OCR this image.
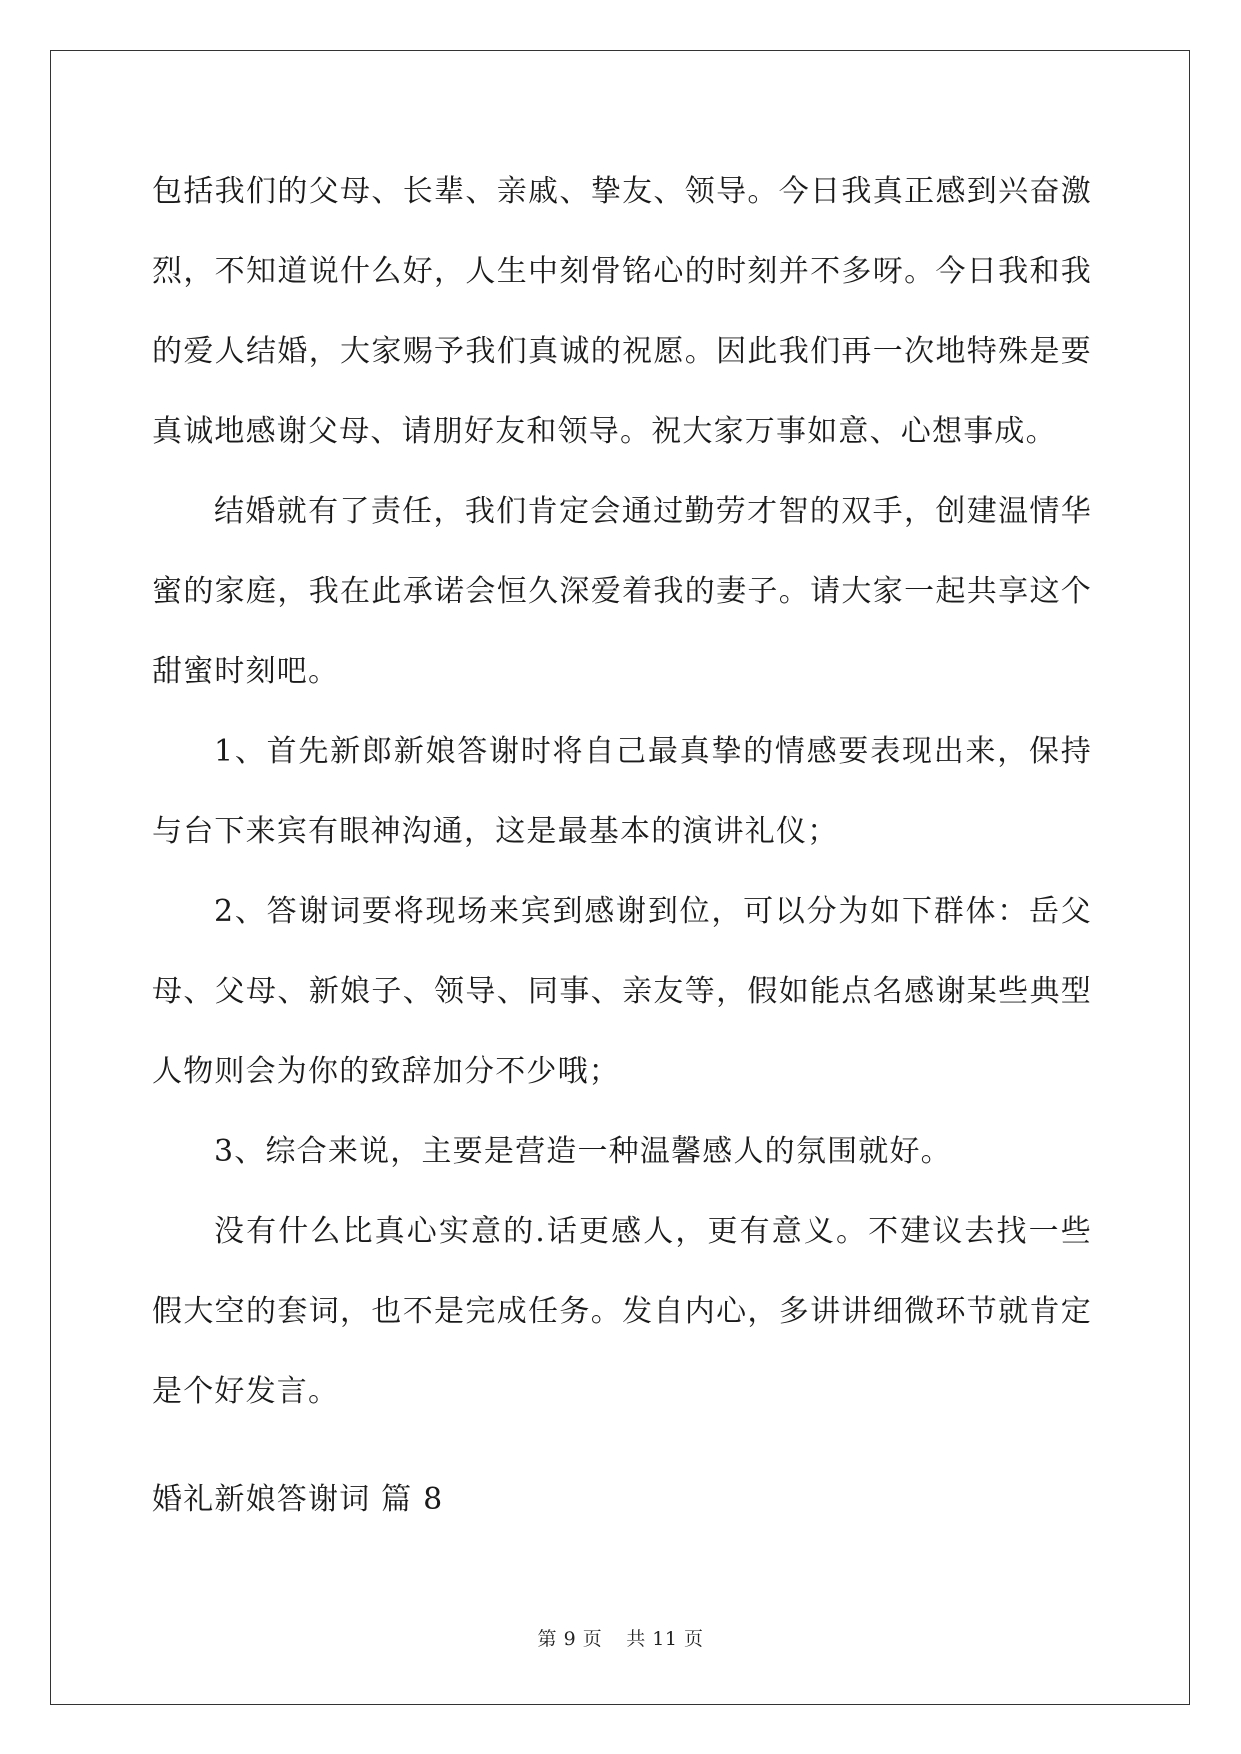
包括我们的父母、长辈、亲戚、挚友、领导。今日我真正感到兴奋激烈，不知道说什么好，人生中刻骨铭心的时刻并不多呀。今日我和我的爱人结婚，大家赐予我们真诚的祝愿。因此我们再一次地特殊是要真诚地感谢父母、请朋好友和领导。祝大家万事如意、心想事成。

结婚就有了责任，我们肯定会通过勤劳才智的双手，创建温情华蜜的家庭，我在此承诺会恒久深爱着我的妻子。请大家一起共享这个甜蜜时刻吧。

1、首先新郎新娘答谢时将自己最真挚的情感要表现出来，保持与台下来宾有眼神沟通，这是最基本的演讲礼仪；

2、答谢词要将现场来宾到感谢到位，可以分为如下群体：岳父母、父母、新娘子、领导、同事、亲友等，假如能点名感谢某些典型人物则会为你的致辞加分不少哦；

3、综合来说，主要是营造一种温馨感人的氛围就好。

没有什么比真心实意的.话更感人，更有意义。不建议去找一些假大空的套词，也不是完成任务。发自内心，多讲讲细微环节就肯定是个好发言。

婚礼新娘答谢词 篇 8

第 9 页 共 11 页
